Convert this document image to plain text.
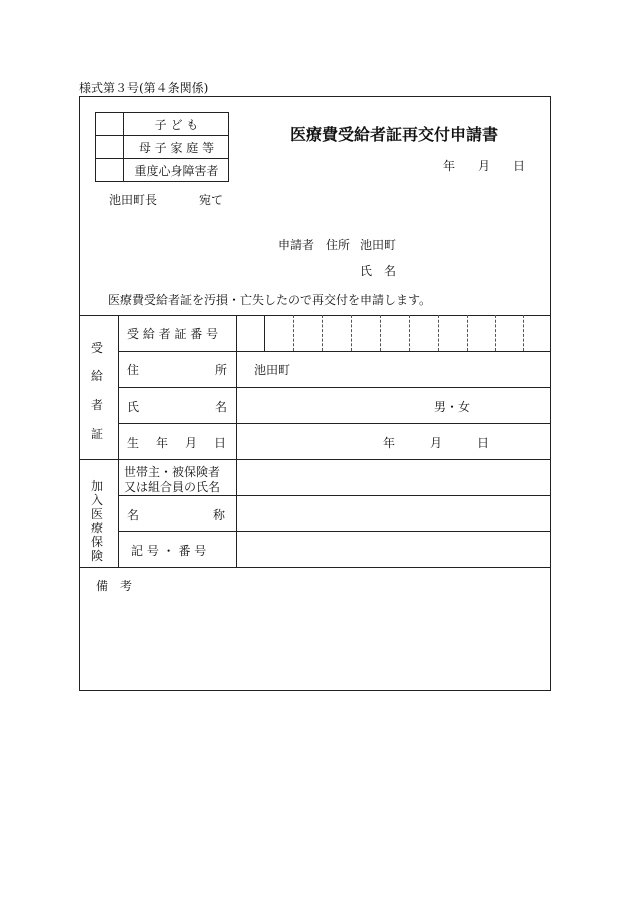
様式第３号(第４条関係)
子 ど も
母 子 家 庭 等
重度心身障害者
医療費受給者証再交付申請書
年 月 日
池田町長	宛て
申請者 住所 池田町
氏　名
医療費受給者証を汚損・亡失したので再交付を申請します。
受
給
者
証
受 給 者 証 番 号
住	所 池田町
氏	名	男・女
生 年 月 日	年	月	日
加
入
医
療
保
険
世帯主・被保険者
又は組合員の氏名
名	称
記 号 ・ 番 号
備　考
